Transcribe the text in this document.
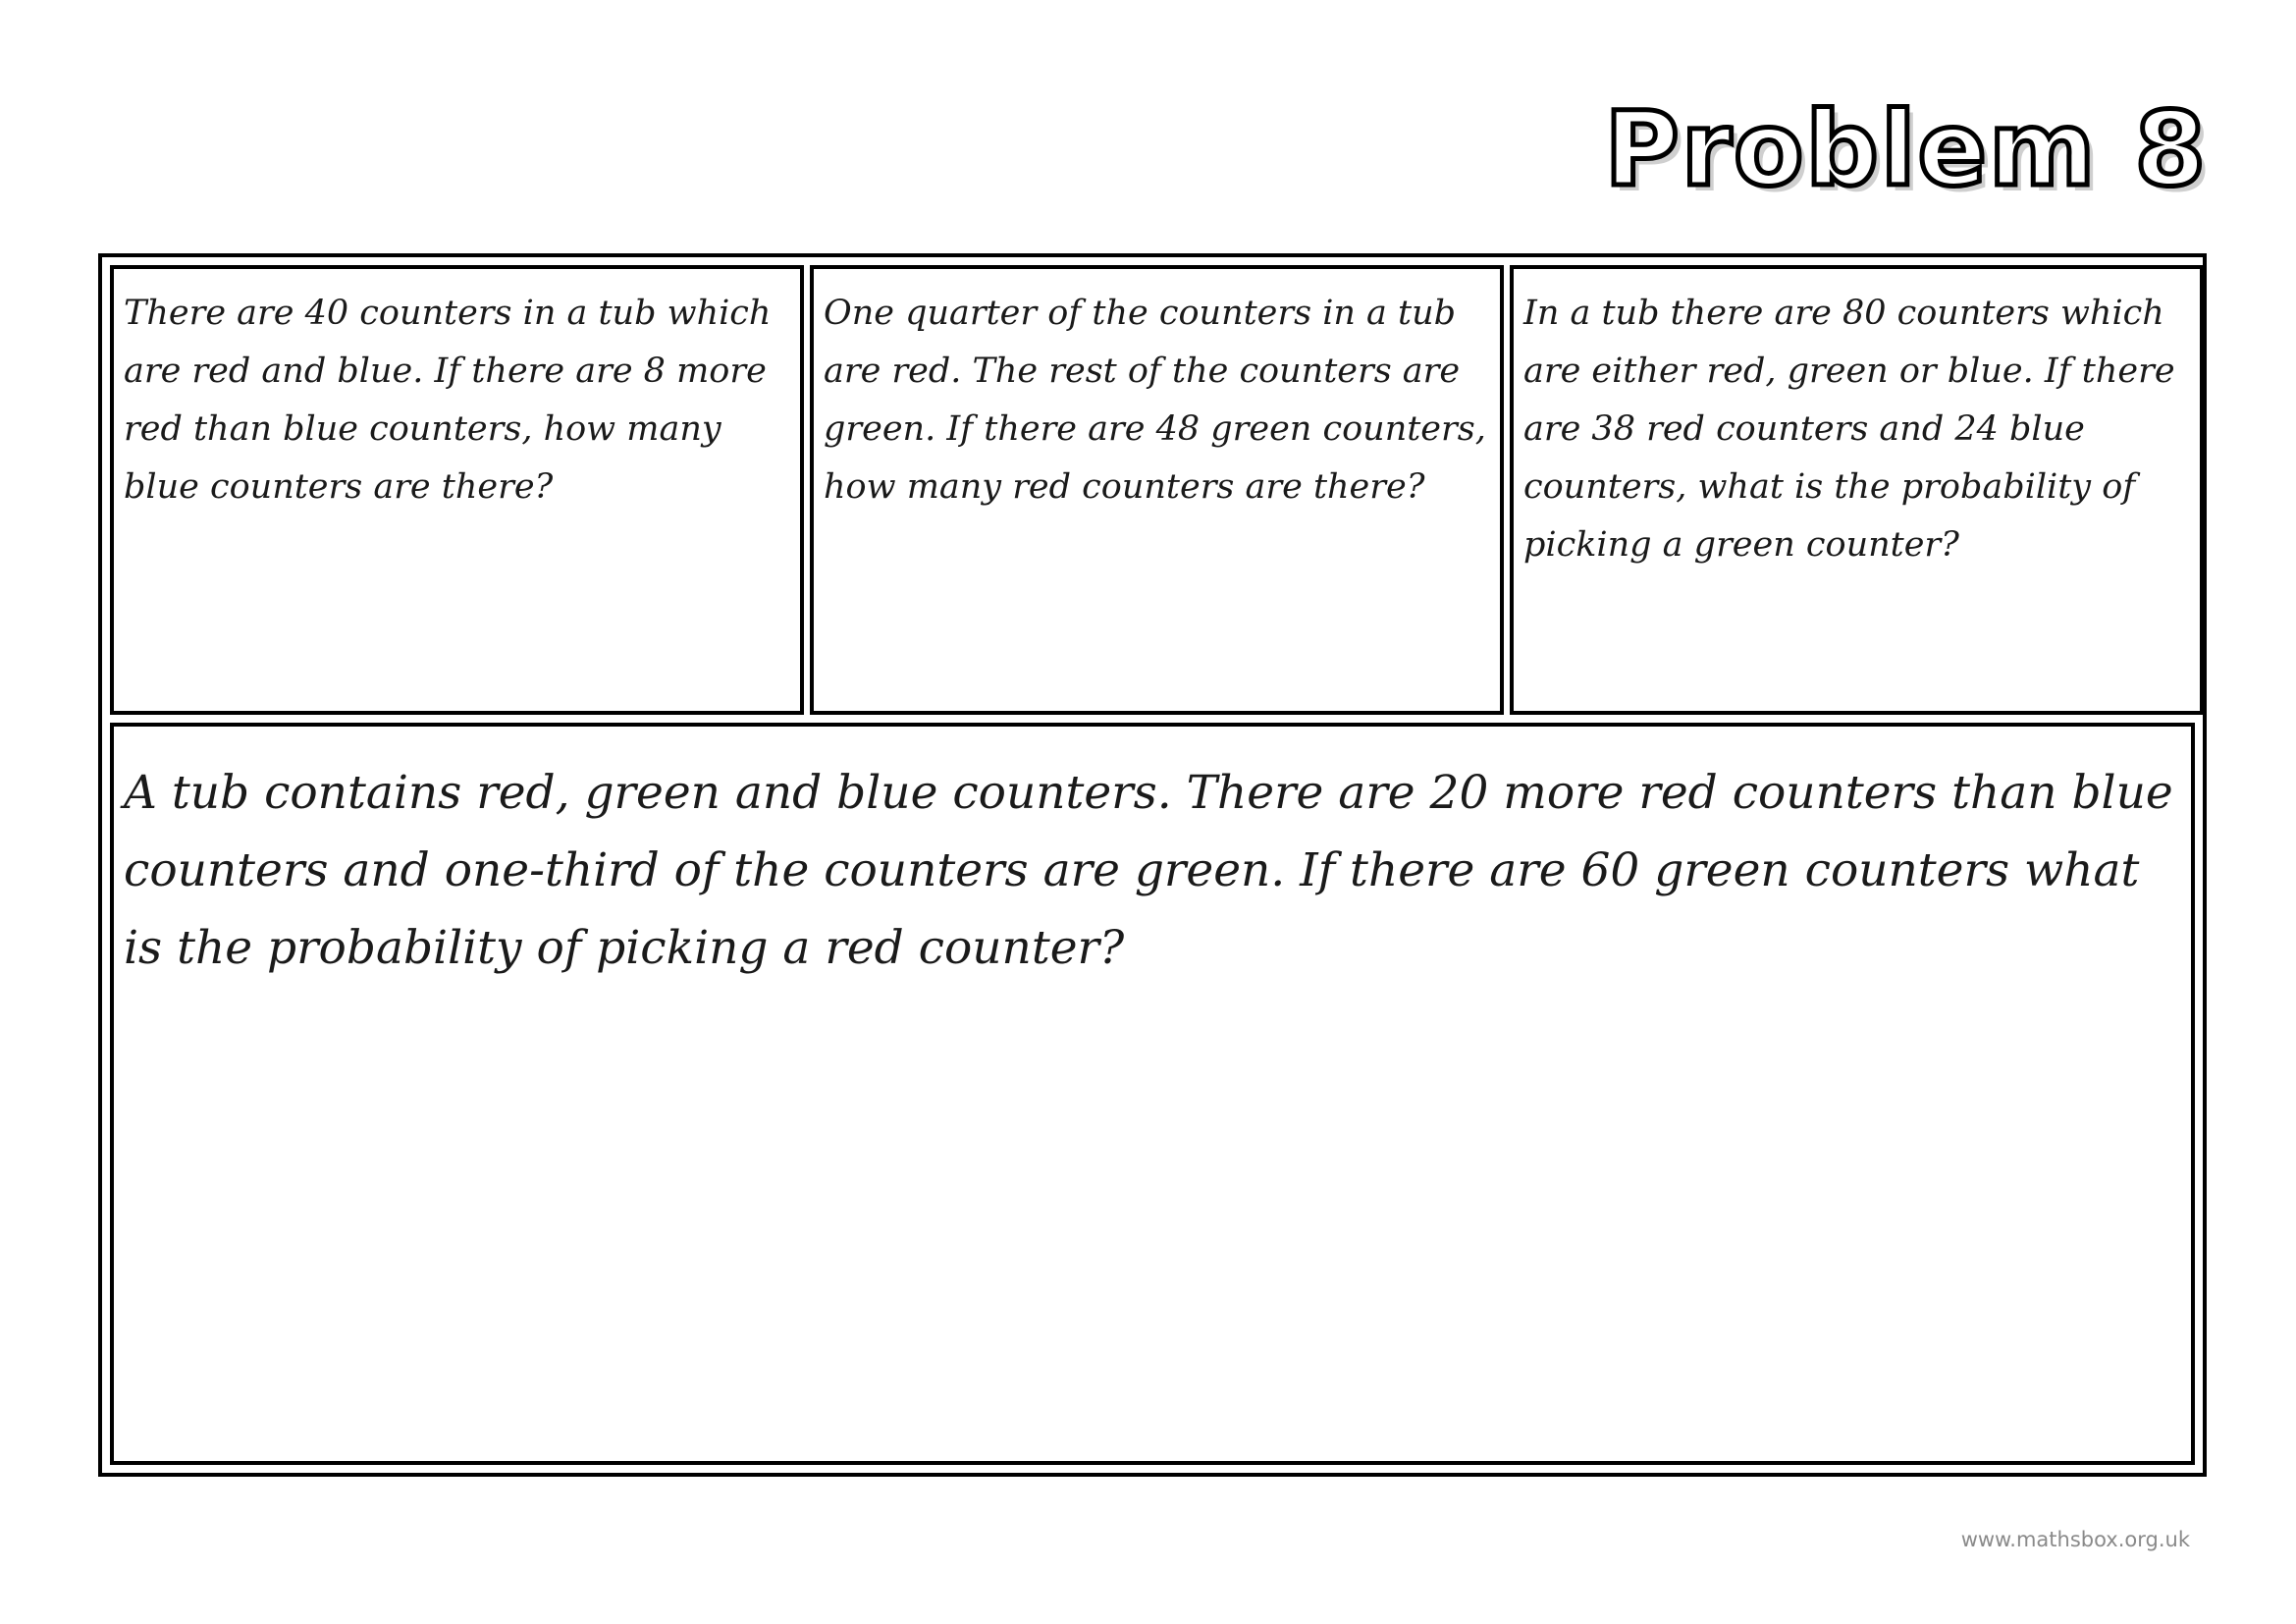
Problem 8
There are 40 counters in a tub which are red and blue. If there are 8 more red than blue counters, how many blue counters are there?
One quarter of the counters in a tub are red. The rest of the counters are green. If there are 48 green counters, how many red counters are there?
In a tub there are 80 counters which are either red, green or blue. If there are 38 red counters and 24 blue counters, what is the probability of picking a green counter?
A tub contains red, green and blue counters. There are 20 more red counters than blue counters and one-third of the counters are green. If there are 60 green counters what is the probability of picking a red counter?
www.mathsbox.org.uk
